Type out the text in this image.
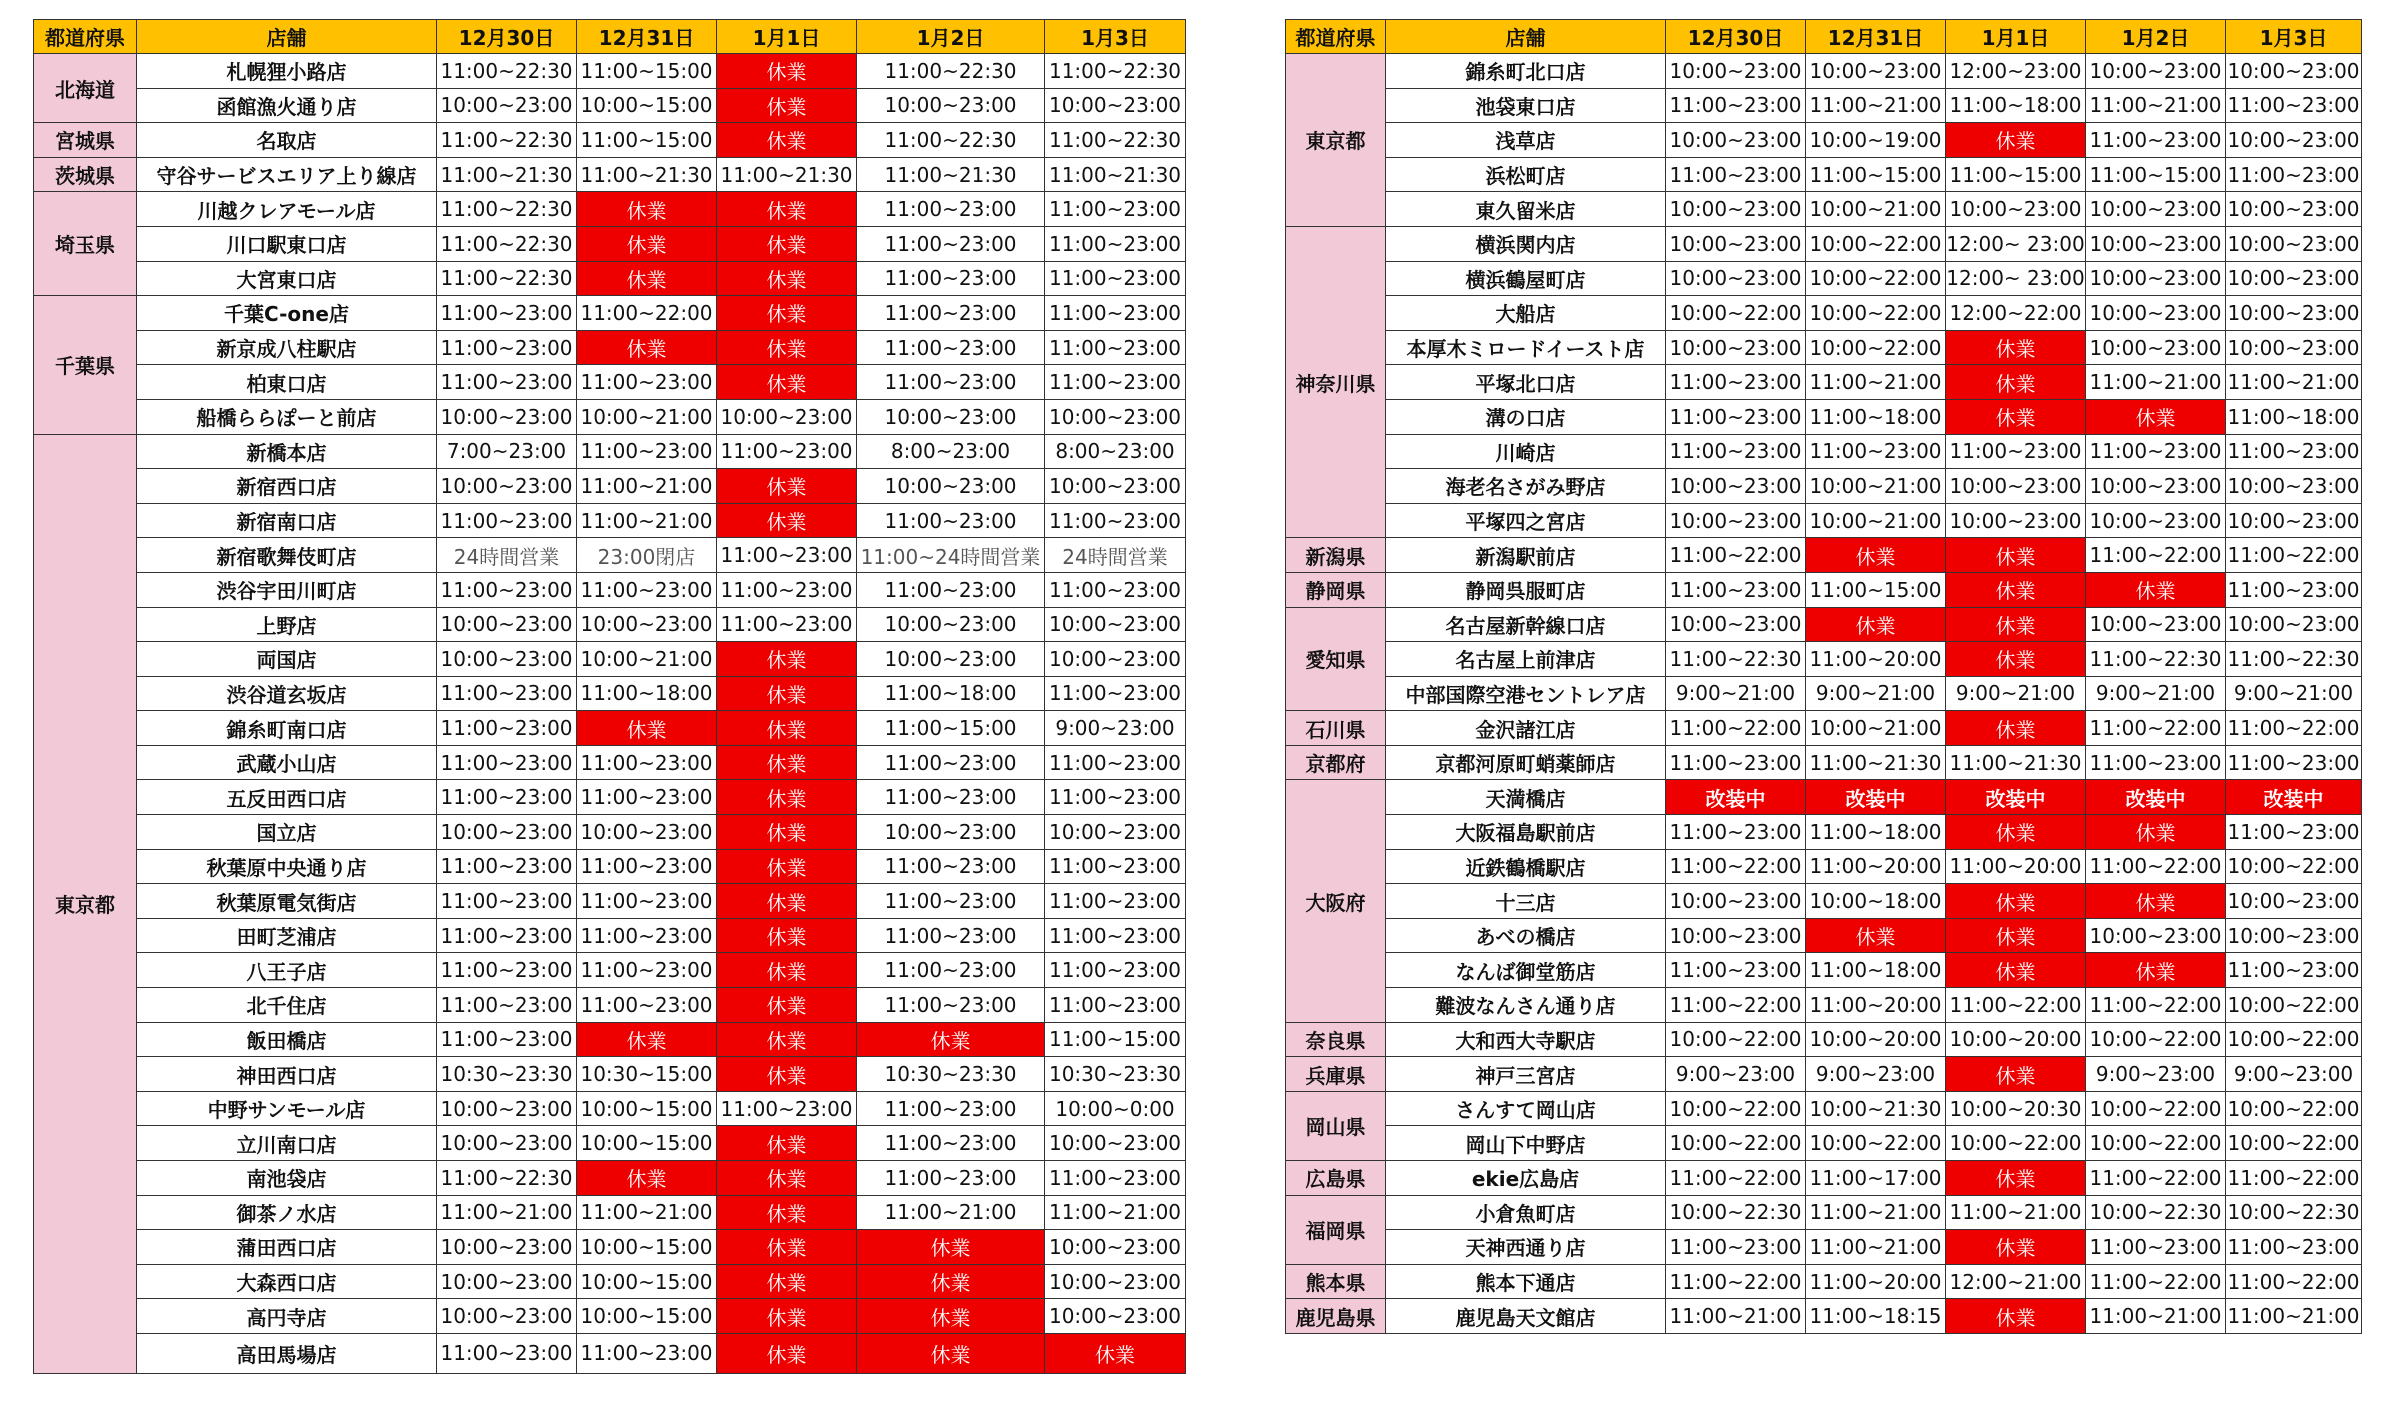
都道府県	店舗	12月30日	12月31日	1月1日	1月2日	1月3日
北海道	札幌狸小路店	11:00~22:30	11:00~15:00	休業	11:00~22:30	11:00~22:30
	函館漁火通り店	10:00~23:00	10:00~15:00	休業	10:00~23:00	10:00~23:00
宮城県	名取店	11:00~22:30	11:00~15:00	休業	11:00~22:30	11:00~22:30
茨城県	守谷サービスエリア上り線店	11:00~21:30	11:00~21:30	11:00~21:30	11:00~21:30	11:00~21:30
埼玉県	川越クレアモール店	11:00~22:30	休業	休業	11:00~23:00	11:00~23:00
	川口駅東口店	11:00~22:30	休業	休業	11:00~23:00	11:00~23:00
	大宮東口店	11:00~22:30	休業	休業	11:00~23:00	11:00~23:00
千葉県	千葉C-one店	11:00~23:00	11:00~22:00	休業	11:00~23:00	11:00~23:00
	新京成八柱駅店	11:00~23:00	休業	休業	11:00~23:00	11:00~23:00
	柏東口店	11:00~23:00	11:00~23:00	休業	11:00~23:00	11:00~23:00
	船橋ららぽーと前店	10:00~23:00	10:00~21:00	10:00~23:00	10:00~23:00	10:00~23:00
東京都	新橋本店	7:00~23:00	11:00~23:00	11:00~23:00	8:00~23:00	8:00~23:00
	新宿西口店	10:00~23:00	11:00~21:00	休業	10:00~23:00	10:00~23:00
	新宿南口店	11:00~23:00	11:00~21:00	休業	11:00~23:00	11:00~23:00
	新宿歌舞伎町店	24時間営業	23:00閉店	11:00~23:00	11:00~24時間営業	24時間営業
	渋谷宇田川町店	11:00~23:00	11:00~23:00	11:00~23:00	11:00~23:00	11:00~23:00
	上野店	10:00~23:00	10:00~23:00	11:00~23:00	10:00~23:00	10:00~23:00
	両国店	10:00~23:00	10:00~21:00	休業	10:00~23:00	10:00~23:00
	渋谷道玄坂店	11:00~23:00	11:00~18:00	休業	11:00~18:00	11:00~23:00
	錦糸町南口店	11:00~23:00	休業	休業	11:00~15:00	9:00~23:00
	武蔵小山店	11:00~23:00	11:00~23:00	休業	11:00~23:00	11:00~23:00
	五反田西口店	11:00~23:00	11:00~23:00	休業	11:00~23:00	11:00~23:00
	国立店	10:00~23:00	10:00~23:00	休業	10:00~23:00	10:00~23:00
	秋葉原中央通り店	11:00~23:00	11:00~23:00	休業	11:00~23:00	11:00~23:00
	秋葉原電気街店	11:00~23:00	11:00~23:00	休業	11:00~23:00	11:00~23:00
	田町芝浦店	11:00~23:00	11:00~23:00	休業	11:00~23:00	11:00~23:00
	八王子店	11:00~23:00	11:00~23:00	休業	11:00~23:00	11:00~23:00
	北千住店	11:00~23:00	11:00~23:00	休業	11:00~23:00	11:00~23:00
	飯田橋店	11:00~23:00	休業	休業	休業	11:00~15:00
	神田西口店	10:30~23:30	10:30~15:00	休業	10:30~23:30	10:30~23:30
	中野サンモール店	10:00~23:00	10:00~15:00	11:00~23:00	11:00~23:00	10:00~0:00
	立川南口店	10:00~23:00	10:00~15:00	休業	11:00~23:00	10:00~23:00
	南池袋店	11:00~22:30	休業	休業	11:00~23:00	11:00~23:00
	御茶ノ水店	11:00~21:00	11:00~21:00	休業	11:00~21:00	11:00~21:00
	蒲田西口店	10:00~23:00	10:00~15:00	休業	休業	10:00~23:00
	大森西口店	10:00~23:00	10:00~15:00	休業	休業	10:00~23:00
	高円寺店	10:00~23:00	10:00~15:00	休業	休業	10:00~23:00
	高田馬場店	11:00~23:00	11:00~23:00	休業	休業	休業
都道府県	店舗	12月30日	12月31日	1月1日	1月2日	1月3日
東京都	錦糸町北口店	10:00~23:00	10:00~23:00	12:00~23:00	10:00~23:00	10:00~23:00
	池袋東口店	11:00~23:00	11:00~21:00	11:00~18:00	11:00~21:00	11:00~23:00
	浅草店	10:00~23:00	10:00~19:00	休業	11:00~23:00	10:00~23:00
	浜松町店	11:00~23:00	11:00~15:00	11:00~15:00	11:00~15:00	11:00~23:00
	東久留米店	10:00~23:00	10:00~21:00	10:00~23:00	10:00~23:00	10:00~23:00
神奈川県	横浜関内店	10:00~23:00	10:00~22:00	12:00~ 23:00	10:00~23:00	10:00~23:00
	横浜鶴屋町店	10:00~23:00	10:00~22:00	12:00~ 23:00	10:00~23:00	10:00~23:00
	大船店	10:00~22:00	10:00~22:00	12:00~22:00	10:00~23:00	10:00~23:00
	本厚木ミロードイースト店	10:00~23:00	10:00~22:00	休業	10:00~23:00	10:00~23:00
	平塚北口店	11:00~23:00	11:00~21:00	休業	11:00~21:00	11:00~21:00
	溝の口店	11:00~23:00	11:00~18:00	休業	休業	11:00~18:00
	川崎店	11:00~23:00	11:00~23:00	11:00~23:00	11:00~23:00	11:00~23:00
	海老名さがみ野店	10:00~23:00	10:00~21:00	10:00~23:00	10:00~23:00	10:00~23:00
	平塚四之宮店	10:00~23:00	10:00~21:00	10:00~23:00	10:00~23:00	10:00~23:00
新潟県	新潟駅前店	11:00~22:00	休業	休業	11:00~22:00	11:00~22:00
静岡県	静岡呉服町店	11:00~23:00	11:00~15:00	休業	休業	11:00~23:00
愛知県	名古屋新幹線口店	10:00~23:00	休業	休業	10:00~23:00	10:00~23:00
	名古屋上前津店	11:00~22:30	11:00~20:00	休業	11:00~22:30	11:00~22:30
	中部国際空港セントレア店	9:00~21:00	9:00~21:00	9:00~21:00	9:00~21:00	9:00~21:00
石川県	金沢諸江店	11:00~22:00	10:00~21:00	休業	11:00~22:00	11:00~22:00
京都府	京都河原町蛸薬師店	11:00~23:00	11:00~21:30	11:00~21:30	11:00~23:00	11:00~23:00
大阪府	天満橋店	改装中	改装中	改装中	改装中	改装中
	大阪福島駅前店	11:00~23:00	11:00~18:00	休業	休業	11:00~23:00
	近鉄鶴橋駅店	11:00~22:00	11:00~20:00	11:00~20:00	11:00~22:00	10:00~22:00
	十三店	10:00~23:00	10:00~18:00	休業	休業	10:00~23:00
	あべの橋店	10:00~23:00	休業	休業	10:00~23:00	10:00~23:00
	なんば御堂筋店	11:00~23:00	11:00~18:00	休業	休業	11:00~23:00
	難波なんさん通り店	11:00~22:00	11:00~20:00	11:00~22:00	11:00~22:00	10:00~22:00
奈良県	大和西大寺駅店	10:00~22:00	10:00~20:00	10:00~20:00	10:00~22:00	10:00~22:00
兵庫県	神戸三宮店	9:00~23:00	9:00~23:00	休業	9:00~23:00	9:00~23:00
岡山県	さんすて岡山店	10:00~22:00	10:00~21:30	10:00~20:30	10:00~22:00	10:00~22:00
	岡山下中野店	10:00~22:00	10:00~22:00	10:00~22:00	10:00~22:00	10:00~22:00
広島県	ekie広島店	11:00~22:00	11:00~17:00	休業	11:00~22:00	11:00~22:00
福岡県	小倉魚町店	10:00~22:30	11:00~21:00	11:00~21:00	10:00~22:30	10:00~22:30
	天神西通り店	11:00~23:00	11:00~21:00	休業	11:00~23:00	11:00~23:00
熊本県	熊本下通店	11:00~22:00	11:00~20:00	12:00~21:00	11:00~22:00	11:00~22:00
鹿児島県	鹿児島天文館店	11:00~21:00	11:00~18:15	休業	11:00~21:00	11:00~21:00
